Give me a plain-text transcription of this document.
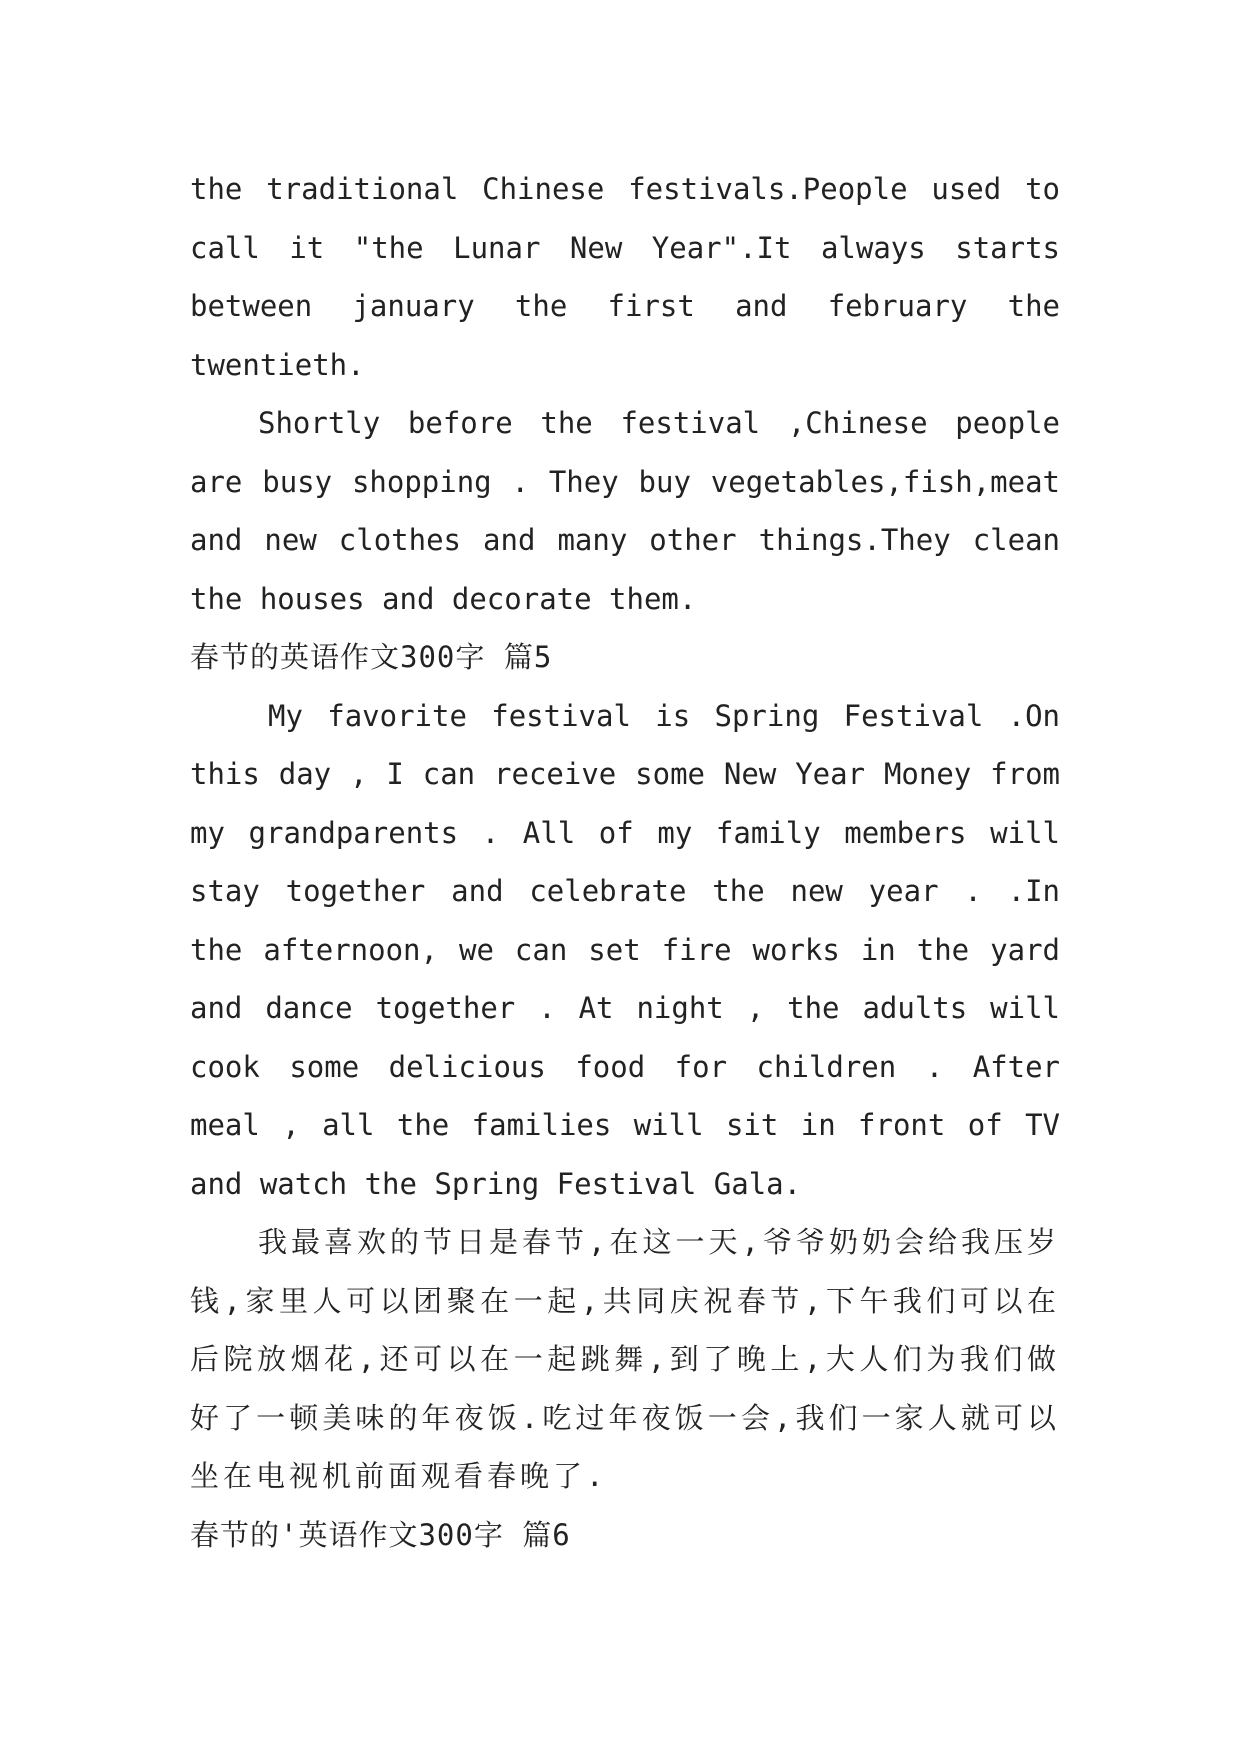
the traditional Chinese festivals.People used to call it "the Lunar New Year".It always starts between january the first and february the twentieth.

Shortly before the festival ,Chinese people are busy shopping . They buy vegetables,fish,meat and new clothes and many other things.They clean the houses and decorate them.

春节的英语作文300字 篇5

My favorite festival is Spring Festival .On this day , I can receive some New Year Money from my grandparents . All of my family members will stay together and celebrate the new year . .In the afternoon, we can set fire works in the yard and dance together . At night , the adults will cook some delicious food for children . After meal , all the families will sit in front of TV and watch the Spring Festival Gala.

我最喜欢的节日是春节,在这一天,爷爷奶奶会给我压岁钱,家里人可以团聚在一起,共同庆祝春节,下午我们可以在后院放烟花,还可以在一起跳舞,到了晚上,大人们为我们做好了一顿美味的年夜饭.吃过年夜饭一会,我们一家人就可以坐在电视机前面观看春晚了.

春节的'英语作文300字 篇6
